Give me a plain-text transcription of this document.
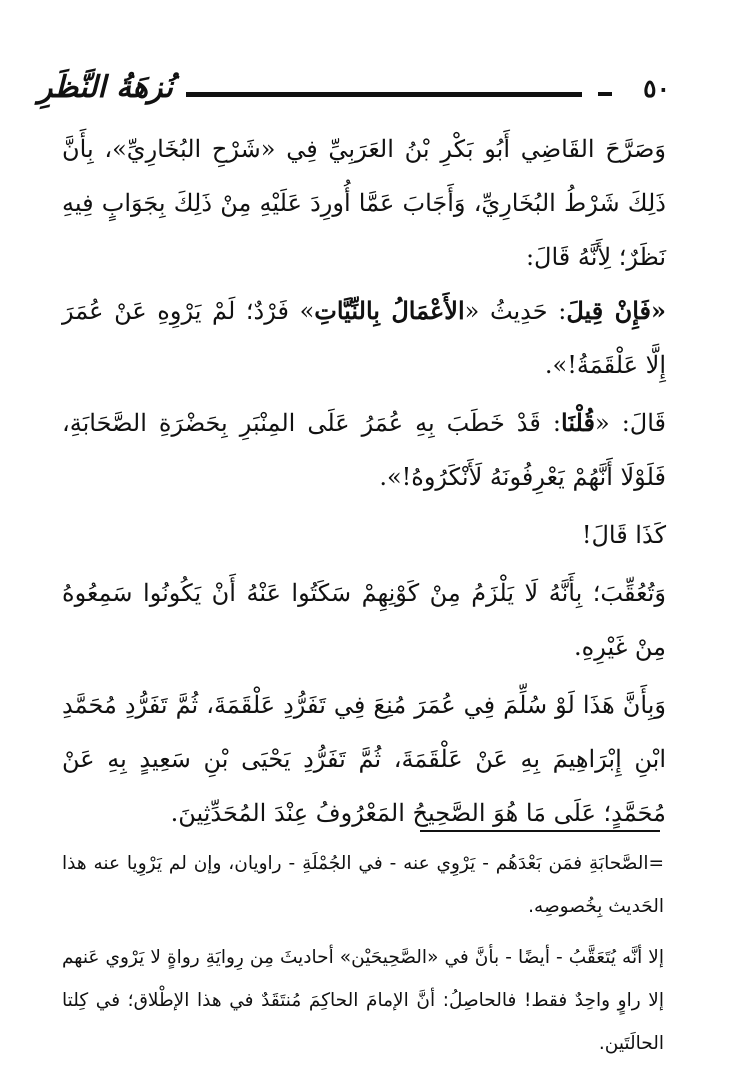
٥٠
نُزهَةُ النَّظَرِ

وَصَرَّحَ القَاضِي أَبُو بَكْرِ بْنُ العَرَبِيِّ فِي «شَرْحِ البُخَارِيِّ»، بِأَنَّ ذَلِكَ شَرْطُ البُخَارِيِّ، وَأَجَابَ عَمَّا أُورِدَ عَلَيْهِ مِنْ ذَلِكَ بِجَوَابٍ فِيهِ نَظَرٌ؛ لِأَنَّهُ قَالَ:

«فَإِنْ قِيلَ: حَدِيثُ «الأَعْمَالُ بِالنِّيَّاتِ» فَرْدٌ؛ لَمْ يَرْوِهِ عَنْ عُمَرَ إِلَّا عَلْقَمَةُ!».

قَالَ: «قُلْنَا: قَدْ خَطَبَ بِهِ عُمَرُ عَلَى المِنْبَرِ بِحَضْرَةِ الصَّحَابَةِ، فَلَوْلَا أَنَّهُمْ يَعْرِفُونَهُ لَأَنْكَرُوهُ!».

كَذَا قَالَ!

وَتُعُقِّبَ؛ بِأَنَّهُ لَا يَلْزَمُ مِنْ كَوْنِهِمْ سَكَتُوا عَنْهُ أَنْ يَكُونُوا سَمِعُوهُ مِنْ غَيْرِهِ.

وَبِأَنَّ هَذَا لَوْ سُلِّمَ فِي عُمَرَ مُنِعَ فِي تَفَرُّدِ عَلْقَمَةَ، ثُمَّ تَفَرُّدِ مُحَمَّدِ ابْنِ إِبْرَاهِيمَ بِهِ عَنْ عَلْقَمَةَ، ثُمَّ تَفَرُّدِ يَحْيَى بْنِ سَعِيدٍ بِهِ عَنْ مُحَمَّدٍ؛ عَلَى مَا هُوَ الصَّحِيحُ المَعْرُوفُ عِنْدَ المُحَدِّثِينَ.

=الصَّحابَةِ فمَن بَعْدَهُم - يَرْوِي عنه - في الجُمْلَةِ - راويان، وإن لم يَرْوِيا عنه هذا الحَديث بِخُصوصِه.

إلا أنَّه يُتَعَقَّبُ - أيضًا - بأنَّ في «الصَّحِيحَيْن» أحاديثَ مِن رِوايَةِ رواةٍ لا يَرْوي عَنهم إلا راوٍ واحِدٌ فقط! فالحاصِلُ: أنَّ الإمامَ الحاكِمَ مُنتَقَدٌ في هذا الإطْلاق؛ في كِلتا الحالَتَين.
